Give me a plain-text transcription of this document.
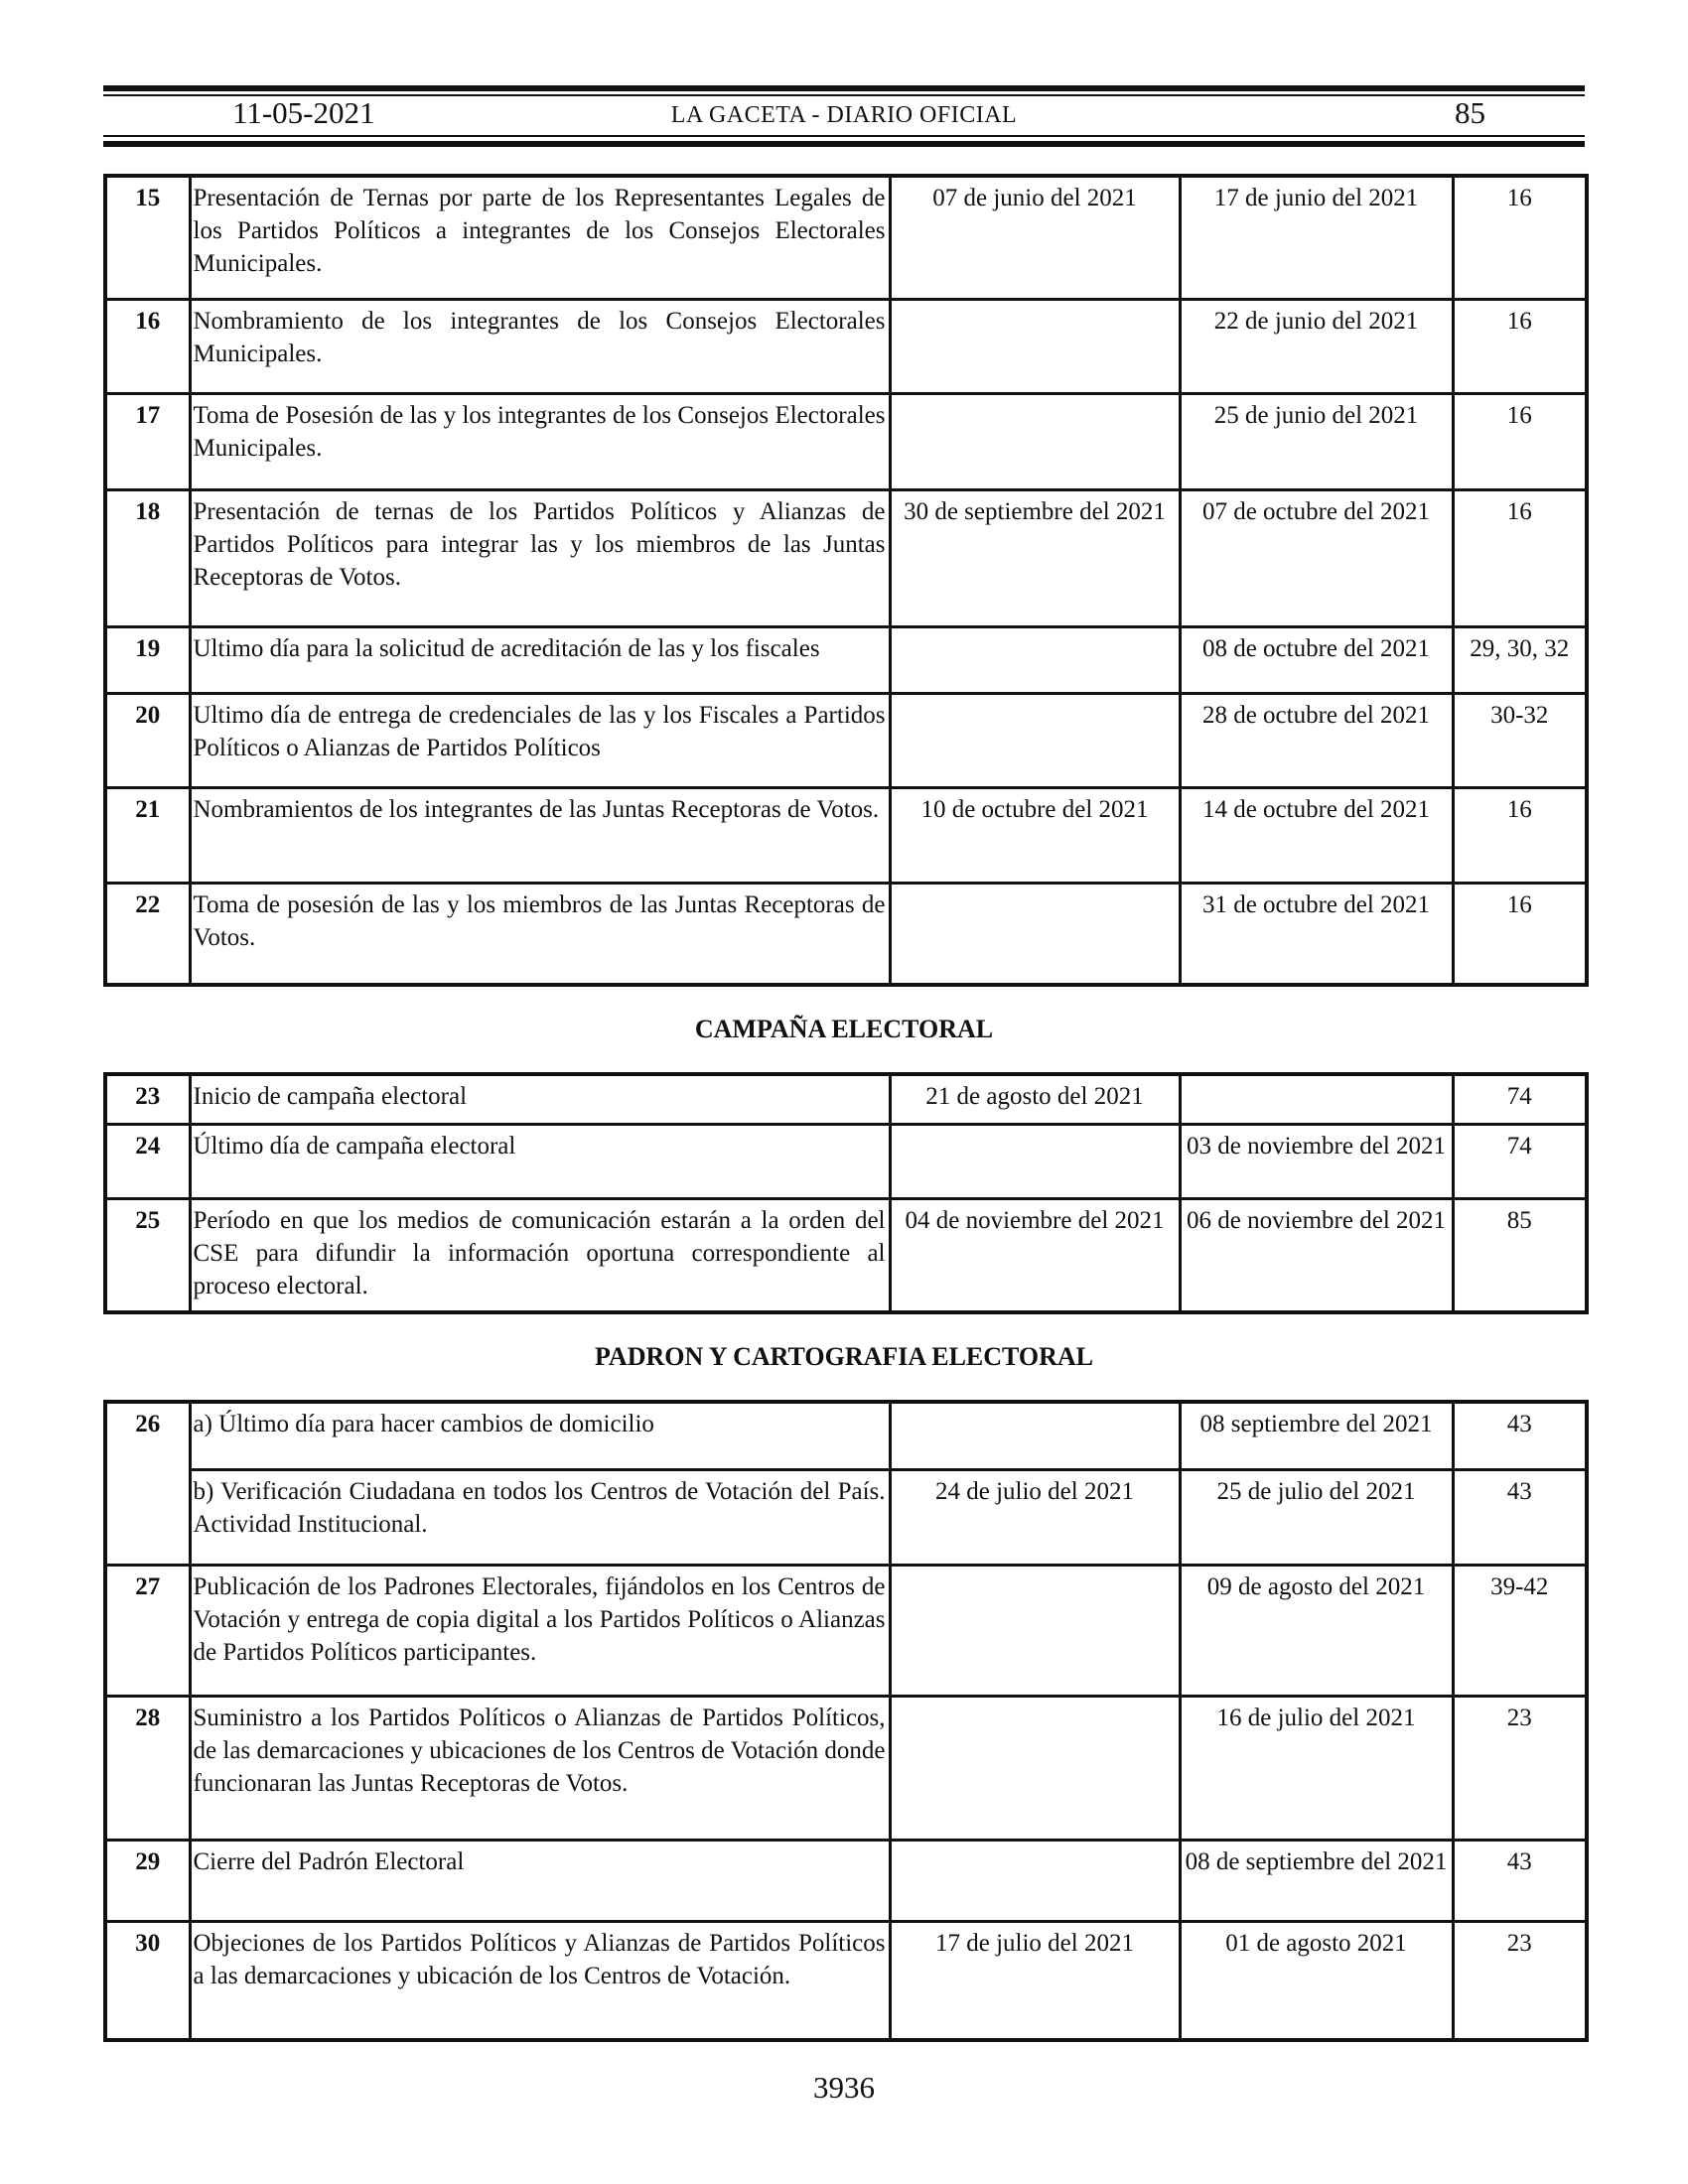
11-05-2021	LA GACETA - DIARIO OFICIAL	85
15	Presentación de Ternas por parte de los Representantes Legales de los Partidos Políticos a integrantes de los Consejos Electorales Municipales.	07 de junio del 2021	17 de junio del 2021	16
16	Nombramiento de los integrantes de los Consejos Electorales Municipales.		22 de junio del 2021	16
17	Toma de Posesión de las y los integrantes de los Consejos Electorales Municipales.		25 de junio del 2021	16
18	Presentación de ternas de los Partidos Políticos y Alianzas de Partidos Políticos para integrar las y los miembros de las Juntas Receptoras de Votos.	30 de septiembre del 2021	07 de octubre del 2021	16
19	Ultimo día para la solicitud de acreditación de las y los fiscales		08 de octubre del 2021	29, 30, 32
20	Ultimo día de entrega de credenciales de las y los Fiscales a Partidos Políticos o Alianzas de Partidos Políticos		28 de octubre del 2021	30-32
21	Nombramientos de los integrantes de las Juntas Receptoras de Votos.	10 de octubre del 2021	14 de octubre del 2021	16
22	Toma de posesión de las y los miembros de las Juntas Receptoras de Votos.		31 de octubre del 2021	16
CAMPAÑA ELECTORAL
23	Inicio de campaña electoral	21 de agosto del 2021		74
24	Último día de campaña electoral		03 de noviembre del 2021	74
25	Período en que los medios de comunicación estarán a la orden del CSE para difundir la información oportuna correspondiente al proceso electoral.	04 de noviembre del 2021	06 de noviembre del 2021	85
PADRON Y CARTOGRAFIA ELECTORAL
26	a) Último día para hacer cambios de domicilio		08 septiembre del 2021	43
	b) Verificación Ciudadana en todos los Centros de Votación del País. Actividad Institucional.	24 de julio del 2021	25 de julio del 2021	43
27	Publicación de los Padrones Electorales, fijándolos en los Centros de Votación y entrega de copia digital a los Partidos Políticos o Alianzas de Partidos Políticos participantes.		09 de agosto del 2021	39-42
28	Suministro a los Partidos Políticos o Alianzas de Partidos Políticos, de las demarcaciones y ubicaciones de los Centros de Votación donde funcionaran las Juntas Receptoras de Votos.		16 de julio del 2021	23
29	Cierre del Padrón Electoral		08 de septiembre del 2021	43
30	Objeciones de los Partidos Políticos y Alianzas de Partidos Políticos a las demarcaciones y ubicación de los Centros de Votación.	17 de julio del 2021	01 de agosto 2021	23
3936
